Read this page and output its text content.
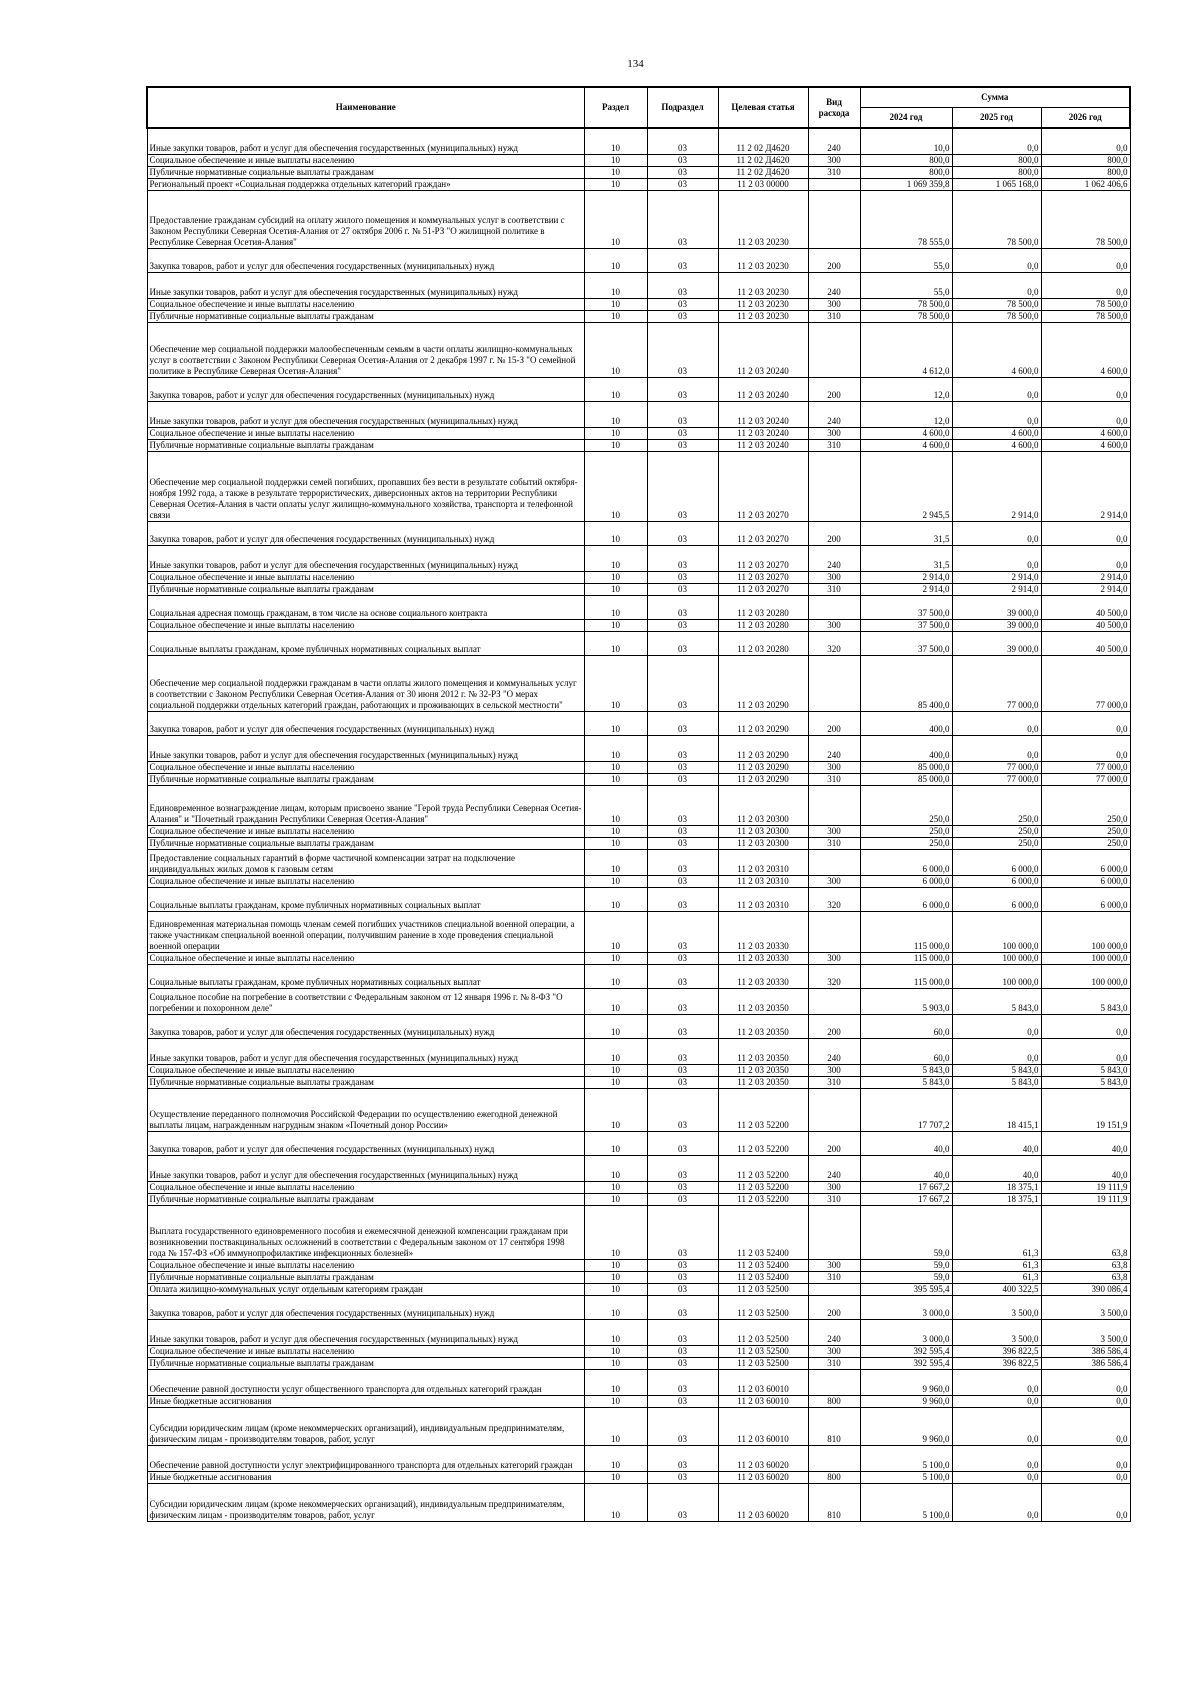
134
Наименование	Раздел	Подраздел	Целевая статья	Вид расхода	Сумма		
					2024 год	2025 год	2026 год
Иные закупки товаров, работ и услуг для обеспечения государственных (муниципальных) нужд	10	03	11 2 02 Д4620	240	10,0	0,0	0,0
Социальное обеспечение и иные выплаты населению	10	03	11 2 02 Д4620	300	800,0	800,0	800,0
Публичные нормативные социальные выплаты гражданам	10	03	11 2 02 Д4620	310	800,0	800,0	800,0
Региональный проект «Социальная поддержка отдельных категорий граждан»	10	03	11 2 03 00000		1 069 359,8	1 065 168,0	1 062 406,6
Предоставление гражданам субсидий на оплату жилого помещения и коммунальных услуг в соответствии с Законом Республики Северная Осетия-Алания от 27 октября 2006 г. № 51-РЗ "О жилищной политике в Республике Северная Осетия-Алания"	10	03	11 2 03 20230		78 555,0	78 500,0	78 500,0
Закупка товаров, работ и услуг для обеспечения государственных (муниципальных) нужд	10	03	11 2 03 20230	200	55,0	0,0	0,0
Иные закупки товаров, работ и услуг для обеспечения государственных (муниципальных) нужд	10	03	11 2 03 20230	240	55,0	0,0	0,0
Социальное обеспечение и иные выплаты населению	10	03	11 2 03 20230	300	78 500,0	78 500,0	78 500,0
Публичные нормативные социальные выплаты гражданам	10	03	11 2 03 20230	310	78 500,0	78 500,0	78 500,0
Обеспечение мер социальной поддержки малообеспеченным семьям в части оплаты жилищно-коммунальных услуг в соответствии с Законом Республики Северная Осетия-Алания от 2 декабря 1997 г. № 15-З "О семейной политике в Республике Северная Осетия-Алания"	10	03	11 2 03 20240		4 612,0	4 600,0	4 600,0
Закупка товаров, работ и услуг для обеспечения государственных (муниципальных) нужд	10	03	11 2 03 20240	200	12,0	0,0	0,0
Иные закупки товаров, работ и услуг для обеспечения государственных (муниципальных) нужд	10	03	11 2 03 20240	240	12,0	0,0	0,0
Социальное обеспечение и иные выплаты населению	10	03	11 2 03 20240	300	4 600,0	4 600,0	4 600,0
Публичные нормативные социальные выплаты гражданам	10	03	11 2 03 20240	310	4 600,0	4 600,0	4 600,0
Обеспечение мер социальной поддержки семей погибших, пропавших без вести в результате событий октября-ноября 1992 года, а также в результате террористических, диверсионных актов на территории Республики Северная Осетия-Алания в части оплаты услуг жилищно-коммунального хозяйства, транспорта и телефонной связи	10	03	11 2 03 20270		2 945,5	2 914,0	2 914,0
Закупка товаров, работ и услуг для обеспечения государственных (муниципальных) нужд	10	03	11 2 03 20270	200	31,5	0,0	0,0
Иные закупки товаров, работ и услуг для обеспечения государственных (муниципальных) нужд	10	03	11 2 03 20270	240	31,5	0,0	0,0
Социальное обеспечение и иные выплаты населению	10	03	11 2 03 20270	300	2 914,0	2 914,0	2 914,0
Публичные нормативные социальные выплаты гражданам	10	03	11 2 03 20270	310	2 914,0	2 914,0	2 914,0
Социальная адресная помощь гражданам, в том числе на основе социального контракта	10	03	11 2 03 20280		37 500,0	39 000,0	40 500,0
Социальное обеспечение и иные выплаты населению	10	03	11 2 03 20280	300	37 500,0	39 000,0	40 500,0
Социальные выплаты гражданам, кроме публичных нормативных социальных выплат	10	03	11 2 03 20280	320	37 500,0	39 000,0	40 500,0
Обеспечение мер социальной поддержки гражданам в части оплаты жилого помещения и коммунальных услуг в соответствии с Законом Республики Северная Осетия-Алания от 30 июня 2012 г. № 32-РЗ "О мерах социальной поддержки отдельных категорий граждан, работающих и проживающих в сельской местности"	10	03	11 2 03 20290		85 400,0	77 000,0	77 000,0
Закупка товаров, работ и услуг для обеспечения государственных (муниципальных) нужд	10	03	11 2 03 20290	200	400,0	0,0	0,0
Иные закупки товаров, работ и услуг для обеспечения государственных (муниципальных) нужд	10	03	11 2 03 20290	240	400,0	0,0	0,0
Социальное обеспечение и иные выплаты населению	10	03	11 2 03 20290	300	85 000,0	77 000,0	77 000,0
Публичные нормативные социальные выплаты гражданам	10	03	11 2 03 20290	310	85 000,0	77 000,0	77 000,0
Единовременное вознаграждение лицам, которым присвоено звание "Герой труда Республики Северная Осетия-Алания" и "Почетный гражданин Республики Северная Осетия-Алания"	10	03	11 2 03 20300		250,0	250,0	250,0
Социальное обеспечение и иные выплаты населению	10	03	11 2 03 20300	300	250,0	250,0	250,0
Публичные нормативные социальные выплаты гражданам	10	03	11 2 03 20300	310	250,0	250,0	250,0
Предоставление социальных гарантий в форме частичной компенсации затрат на подключение индивидуальных жилых домов к газовым сетям	10	03	11 2 03 20310		6 000,0	6 000,0	6 000,0
Социальное обеспечение и иные выплаты населению	10	03	11 2 03 20310	300	6 000,0	6 000,0	6 000,0
Социальные выплаты гражданам, кроме публичных нормативных социальных выплат	10	03	11 2 03 20310	320	6 000,0	6 000,0	6 000,0
Единовременная материальная помощь членам семей погибших участников специальной военной операции, а также участникам специальной военной операции, получившим ранение в ходе проведения специальной военной операции	10	03	11 2 03 20330		115 000,0	100 000,0	100 000,0
Социальное обеспечение и иные выплаты населению	10	03	11 2 03 20330	300	115 000,0	100 000,0	100 000,0
Социальные выплаты гражданам, кроме публичных нормативных социальных выплат	10	03	11 2 03 20330	320	115 000,0	100 000,0	100 000,0
Социальное пособие на погребение в соответствии с Федеральным законом от 12 января 1996 г. № 8-ФЗ "О погребении и похоронном деле"	10	03	11 2 03 20350		5 903,0	5 843,0	5 843,0
Закупка товаров, работ и услуг для обеспечения государственных (муниципальных) нужд	10	03	11 2 03 20350	200	60,0	0,0	0,0
Иные закупки товаров, работ и услуг для обеспечения государственных (муниципальных) нужд	10	03	11 2 03 20350	240	60,0	0,0	0,0
Социальное обеспечение и иные выплаты населению	10	03	11 2 03 20350	300	5 843,0	5 843,0	5 843,0
Публичные нормативные социальные выплаты гражданам	10	03	11 2 03 20350	310	5 843,0	5 843,0	5 843,0
Осуществление переданного полномочия Российской Федерации по осуществлению ежегодной денежной выплаты лицам, награжденным нагрудным знаком «Почетный донор России»	10	03	11 2 03 52200		17 707,2	18 415,1	19 151,9
Закупка товаров, работ и услуг для обеспечения государственных (муниципальных) нужд	10	03	11 2 03 52200	200	40,0	40,0	40,0
Иные закупки товаров, работ и услуг для обеспечения государственных (муниципальных) нужд	10	03	11 2 03 52200	240	40,0	40,0	40,0
Социальное обеспечение и иные выплаты населению	10	03	11 2 03 52200	300	17 667,2	18 375,1	19 111,9
Публичные нормативные социальные выплаты гражданам	10	03	11 2 03 52200	310	17 667,2	18 375,1	19 111,9
Выплата государственного единовременного пособия и ежемесячной денежной компенсации гражданам при возникновении поствакцинальных осложнений в соответствии с Федеральным законом от 17 сентября 1998 года № 157-ФЗ «Об иммунопрофилактике инфекционных болезней»	10	03	11 2 03 52400		59,0	61,3	63,8
Социальное обеспечение и иные выплаты населению	10	03	11 2 03 52400	300	59,0	61,3	63,8
Публичные нормативные социальные выплаты гражданам	10	03	11 2 03 52400	310	59,0	61,3	63,8
Оплата жилищно-коммунальных услуг отдельным категориям граждан	10	03	11 2 03 52500		395 595,4	400 322,5	390 086,4
Закупка товаров, работ и услуг для обеспечения государственных (муниципальных) нужд	10	03	11 2 03 52500	200	3 000,0	3 500,0	3 500,0
Иные закупки товаров, работ и услуг для обеспечения государственных (муниципальных) нужд	10	03	11 2 03 52500	240	3 000,0	3 500,0	3 500,0
Социальное обеспечение и иные выплаты населению	10	03	11 2 03 52500	300	392 595,4	396 822,5	386 586,4
Публичные нормативные социальные выплаты гражданам	10	03	11 2 03 52500	310	392 595,4	396 822,5	386 586,4
Обеспечение равной доступности услуг общественного транспорта для отдельных категорий граждан	10	03	11 2 03 60010		9 960,0	0,0	0,0
Иные бюджетные ассигнования	10	03	11 2 03 60010	800	9 960,0	0,0	0,0
Субсидии юридическим лицам (кроме некоммерческих организаций), индивидуальным предпринимателям, физическим лицам - производителям товаров, работ, услуг	10	03	11 2 03 60010	810	9 960,0	0,0	0,0
Обеспечение равной доступности услуг электрифицированного транспорта для отдельных категорий граждан	10	03	11 2 03 60020		5 100,0	0,0	0,0
Иные бюджетные ассигнования	10	03	11 2 03 60020	800	5 100,0	0,0	0,0
Субсидии юридическим лицам (кроме некоммерческих организаций), индивидуальным предпринимателям, физическим лицам - производителям товаров, работ, услуг	10	03	11 2 03 60020	810	5 100,0	0,0	0,0
